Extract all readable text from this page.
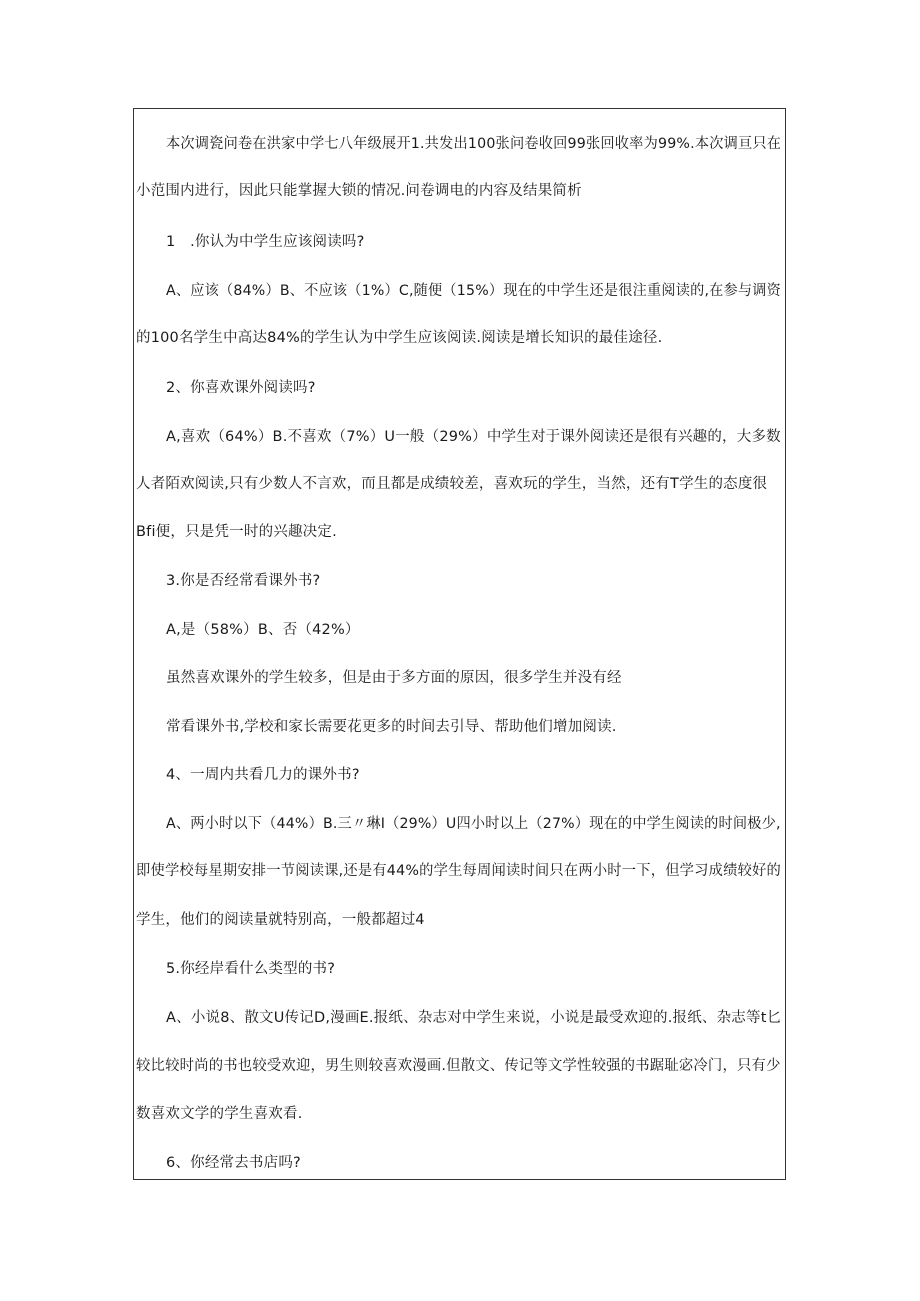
本次调瓷问卷在洪家中学七八年级展开1.共发出100张问卷收回99张回收率为99%.本次调亘只在
小范围内进行，因此只能掌握大锁的情况.问卷调电的内容及结果简析
1　.你认为中学生应该阅读吗?
A、应该（84%）B、不应该（1%）C,随便（15%）现在的中学生还是很注重阅读的,在参与调资
的100名学生中高达84%的学生认为中学生应该阅读.阅读是增长知识的最佳途径.
2、你喜欢课外阅读吗?
A,喜欢（64%）B.不喜欢（7%）U一般（29%）中学生对于课外阅读还是很有兴趣的，大多数
人者陌欢阅读,只有少数人不言欢，而且都是成绩较差，喜欢玩的学生，当然，还有T学生的态度很
Bfi便，只是凭一时的兴趣决定.
3.你是否经常看课外书?
A,是（58%）B、否（42%）
虽然喜欢课外的学生较多，但是由于多方面的原因，很多学生并没有经
常看课外书,学校和家长需要花更多的时间去引导、帮助他们增加阅读.
4、一周内共看几力的课外书?
A、两小时以下（44%）B.三〃琳I（29%）U四小时以上（27%）现在的中学生阅读的时间极少,
即使学校每星期安排一节阅读课,还是有44%的学生每周闻读时间只在两小时一下，但学习成绩较好的
学生，他们的阅读量就特别高，一般都超过4
5.你经岸看什么类型的书?
A、小说8、散文U传记D,漫画E.报纸、杂志对中学生来说，小说是最受欢迎的.报纸、杂志等t匕
较比较时尚的书也较受欢迎，男生则较喜欢漫画.但散文、传记等文学性较强的书踞耻宓冷门，只有少
数喜欢文学的学生喜欢看.
6、你经常去书店吗?
